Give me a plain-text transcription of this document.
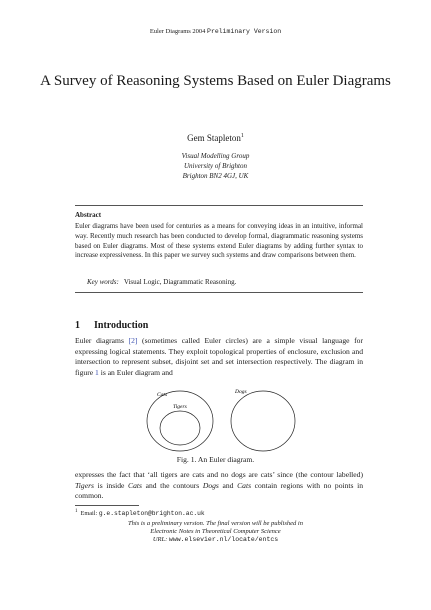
Euler Diagrams 2004 Preliminary Version
A Survey of Reasoning Systems Based on Euler Diagrams
Gem Stapleton$^1$
Visual Modelling Group
University of Brighton
Brighton BN2 4GJ, UK
Abstract
Euler diagrams have been used for centuries as a means for conveying ideas in an intuitive, informal way. Recently much research has been conducted to develop formal, diagrammatic reasoning systems based on Euler diagrams. Most of these systems extend Euler diagrams by adding further syntax to increase expressiveness. In this paper we survey such systems and draw comparisons between them.
Key words: Visual Logic, Diagrammatic Reasoning.
1 Introduction
Euler diagrams [2] (sometimes called Euler circles) are a simple visual language for expressing logical statements. They exploit topological properties of enclosure, exclusion and intersection to represent subset, disjoint set and set intersection respectively. The diagram in figure 1 is an Euler diagram and
Cats
Tigers
Dogs
Fig. 1. An Euler diagram.
expresses the fact that ‘all tigers are cats and no dogs are cats’ since (the contour labelled) Tigers is inside Cats and the contours Dogs and Cats contain regions with no points in common.
$^1$ Email: g.e.stapleton@brighton.ac.uk
This is a preliminary version. The final version will be published in
Electronic Notes in Theoretical Computer Science
URL: www.elsevier.nl/locate/entcs
